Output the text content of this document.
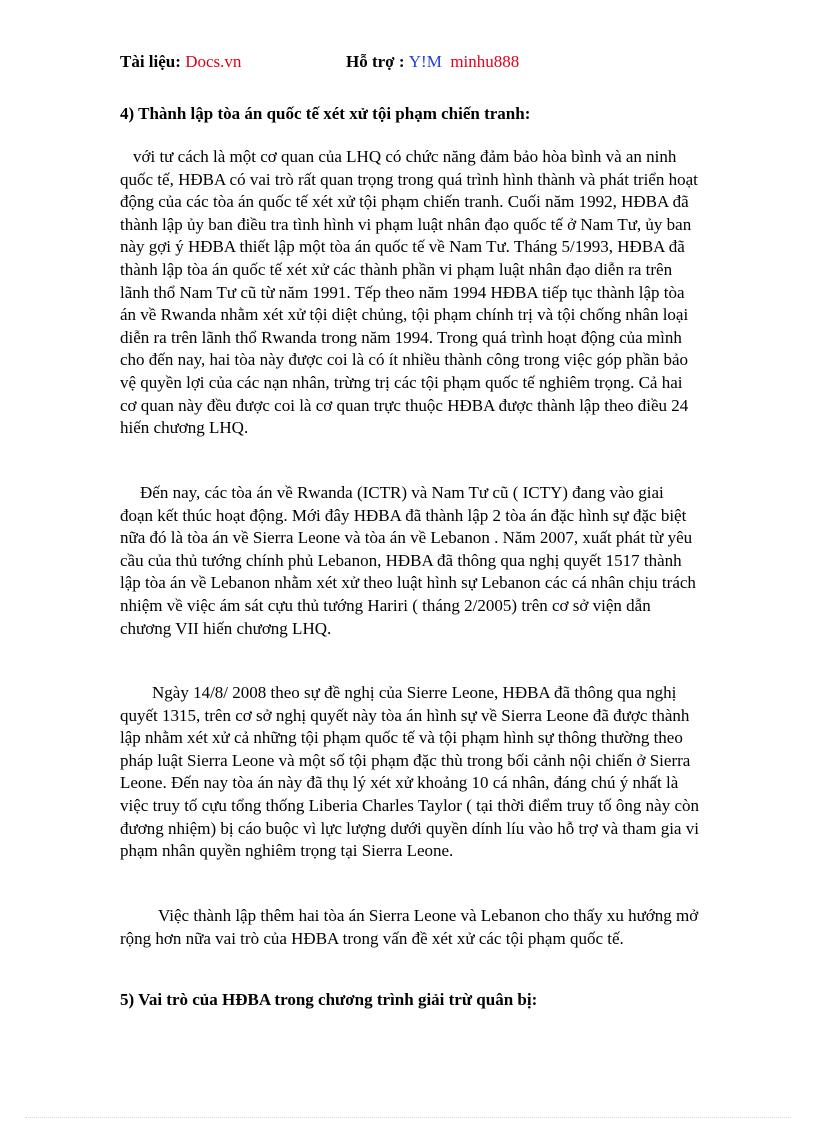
Tài liệu: Docs.vn	Hỗ trợ : Y!M minhu888
4) Thành lập tòa án quốc tế xét xử tội phạm chiến tranh:

với tư cách là một cơ quan của LHQ có chức năng đảm bảo hòa bình và an ninh quốc tế, HĐBA có vai trò rất quan trọng trong quá trình hình thành và phát triển hoạt động của các tòa án quốc tế xét xử tội phạm chiến tranh. Cuối năm 1992, HĐBA đã thành lập ủy ban điều tra tình hình vi phạm luật nhân đạo quốc tế ở Nam Tư, ủy ban này gợi ý HĐBA thiết lập một tòa án quốc tế về Nam Tư. Tháng 5/1993, HĐBA đã thành lập tòa án quốc tế xét xử các thành phần vi phạm luật nhân đạo diễn ra trên lãnh thổ Nam Tư cũ từ năm 1991. Tếp theo năm 1994 HĐBA tiếp tục thành lập tòa án về Rwanda nhằm xét xử tội diệt chủng, tội phạm chính trị và tội chống nhân loại diễn ra trên lãnh thổ Rwanda trong năm 1994. Trong quá trình hoạt động của mình cho đến nay, hai tòa này được coi là có ít nhiều thành công trong việc góp phần bảo vệ quyền lợi của các nạn nhân, trừng trị các tội phạm quốc tế nghiêm trọng. Cả hai cơ quan này đều được coi là cơ quan trực thuộc HĐBA được thành lập theo điều 24 hiến chương LHQ.

Đến nay, các tòa án về Rwanda (ICTR) và Nam Tư cũ ( ICTY) đang vào giai đoạn kết thúc hoạt động. Mới đây HĐBA đã thành lập 2 tòa án đặc hình sự đặc biệt nữa đó là tòa án về Sierra Leone và tòa án về Lebanon . Năm 2007, xuất phát từ yêu cầu của thủ tướng chính phủ Lebanon, HĐBA đã thông qua nghị quyết 1517 thành lập tòa án về Lebanon nhằm xét xử theo luật hình sự Lebanon các cá nhân chịu trách nhiệm về việc ám sát cựu thủ tướng Hariri ( tháng 2/2005) trên cơ sở viện dẫn chương VII hiến chương LHQ.

Ngày 14/8/ 2008 theo sự đề nghị của Sierre Leone, HĐBA đã thông qua nghị quyết 1315, trên cơ sở nghị quyết này tòa án hình sự về Sierra Leone đã được thành lập nhằm xét xử cả những tội phạm quốc tế và tội phạm hình sự thông thường theo pháp luật Sierra Leone và một số tội phạm đặc thù trong bối cảnh nội chiến ở Sierra Leone. Đến nay tòa án này đã thụ lý xét xử khoảng 10 cá nhân, đáng chú ý nhất là việc truy tố cựu tổng thống Liberia Charles Taylor ( tại thời điểm truy tố ông này còn đương nhiệm) bị cáo buộc vì lực lượng dưới quyền dính líu vào hỗ trợ và tham gia vi phạm nhân quyền nghiêm trọng tại Sierra Leone.

Việc thành lập thêm hai tòa án Sierra Leone và Lebanon cho thấy xu hướng mở rộng hơn nữa vai trò của HĐBA trong vấn đề xét xử các tội phạm quốc tế.

5) Vai trò của HĐBA trong chương trình giải trừ quân bị:
